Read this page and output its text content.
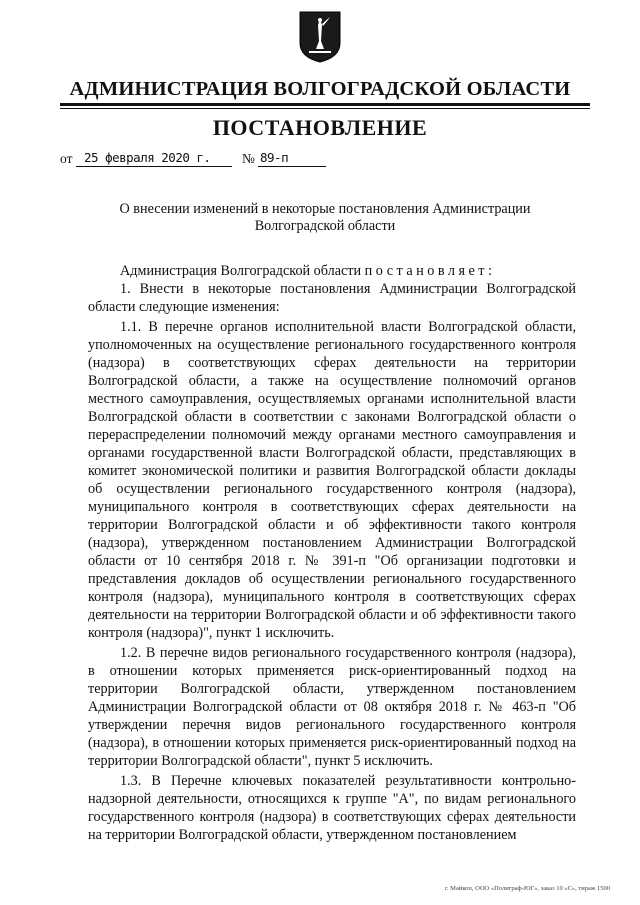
АДМИНИСТРАЦИЯ ВОЛГОГРАДСКОЙ ОБЛАСТИ
ПОСТАНОВЛЕНИЕ
от 25 февраля 2020 г. № 89-п
О внесении изменений в некоторые постановления Администрации Волгоградской области

Администрация Волгоградской области постановляет:

1. Внести в некоторые постановления Администрации Волгоградской области следующие изменения:

1.1. В перечне органов исполнительной власти Волгоградской области, уполномоченных на осуществление регионального государственного контроля (надзора) в соответствующих сферах деятельности на территории Волгоградской области, а также на осуществление полномочий органов местного самоуправления, осуществляемых органами исполнительной власти Волгоградской области в соответствии с законами Волгоградской области о перераспределении полномочий между органами местного самоуправления и органами государственной власти Волгоградской области, представляющих в комитет экономической политики и развития Волгоградской области доклады об осуществлении регионального государственного контроля (надзора), муниципального контроля в соответствующих сферах деятельности на территории Волгоградской области и об эффективности такого контроля (надзора), утвержденном постановлением Администрации Волгоградской области от 10 сентября 2018 г. № 391-п "Об организации подготовки и представления докладов об осуществлении регионального государственного контроля (надзора), муниципального контроля в соответствующих сферах деятельности на территории Волгоградской области и об эффективности такого контроля (надзора)", пункт 1 исключить.

1.2. В перечне видов регионального государственного контроля (надзора), в отношении которых применяется риск-ориентированный подход на территории Волгоградской области, утвержденном постановлением Администрации Волгоградской области от 08 октября 2018 г. № 463-п "Об утверждении перечня видов регионального государственного контроля (надзора), в отношении которых применяется риск-ориентированный подход на территории Волгоградской области", пункт 5 исключить.

1.3. В Перечне ключевых показателей результативности контрольно-надзорной деятельности, относящихся к группе "А", по видам регионального государственного контроля (надзора) в соответствующих сферах деятельности на территории Волгоградской области, утвержденном постановлением

г. Майкоп, ООО «Полиграф-ЮГ», заказ 10 «С», тираж 1500
